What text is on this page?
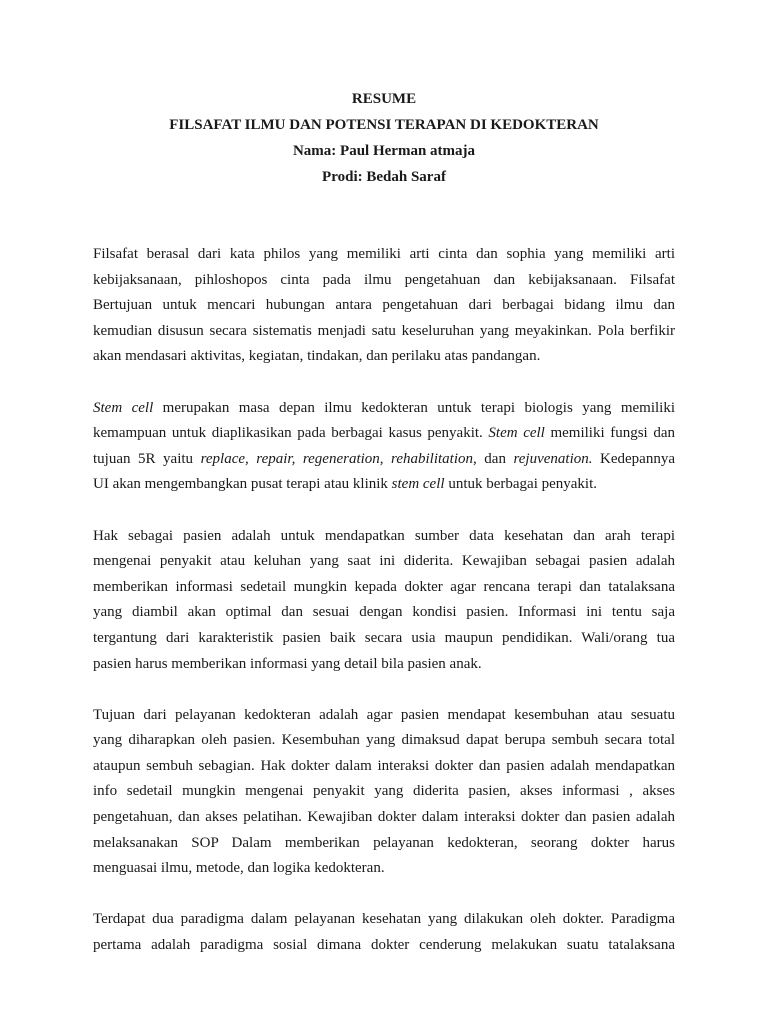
RESUME
FILSAFAT ILMU DAN POTENSI TERAPAN DI KEDOKTERAN
Nama: Paul Herman atmaja
Prodi: Bedah Saraf

Filsafat berasal dari kata philos yang memiliki arti cinta dan sophia yang memiliki arti
kebijaksanaan, pihloshopos cinta pada ilmu pengetahuan dan kebijaksanaan. Filsafat
Bertujuan untuk mencari hubungan antara pengetahuan dari berbagai bidang ilmu dan
kemudian disusun secara sistematis menjadi satu keseluruhan yang meyakinkan. Pola berfikir
akan mendasari aktivitas, kegiatan, tindakan, dan perilaku atas pandangan.

Stem cell merupakan masa depan ilmu kedokteran untuk terapi biologis yang memiliki
kemampuan untuk diaplikasikan pada berbagai kasus penyakit. Stem cell memiliki fungsi dan
tujuan 5R yaitu replace, repair, regeneration, rehabilitation, dan rejuvenation. Kedepannya
UI akan mengembangkan pusat terapi atau klinik stem cell untuk berbagai penyakit.

Hak sebagai pasien adalah untuk mendapatkan sumber data kesehatan dan arah terapi
mengenai penyakit atau keluhan yang saat ini diderita. Kewajiban sebagai pasien adalah
memberikan informasi sedetail mungkin kepada dokter agar rencana terapi dan tatalaksana
yang diambil akan optimal dan sesuai dengan kondisi pasien. Informasi ini tentu saja
tergantung dari karakteristik pasien baik secara usia maupun pendidikan. Wali/orang tua
pasien harus memberikan informasi yang detail bila pasien anak.

Tujuan dari pelayanan kedokteran adalah agar pasien mendapat kesembuhan atau sesuatu
yang diharapkan oleh pasien. Kesembuhan yang dimaksud dapat berupa sembuh secara total
ataupun sembuh sebagian. Hak dokter dalam interaksi dokter dan pasien adalah mendapatkan
info sedetail mungkin mengenai penyakit yang diderita pasien, akses informasi , akses
pengetahuan, dan akses pelatihan. Kewajiban dokter dalam interaksi dokter dan pasien adalah
melaksanakan SOP Dalam memberikan pelayanan kedokteran, seorang dokter harus
menguasai ilmu, metode, dan logika kedokteran.

Terdapat dua paradigma dalam pelayanan kesehatan yang dilakukan oleh dokter. Paradigma
pertama adalah paradigma sosial dimana dokter cenderung melakukan suatu tatalaksana
